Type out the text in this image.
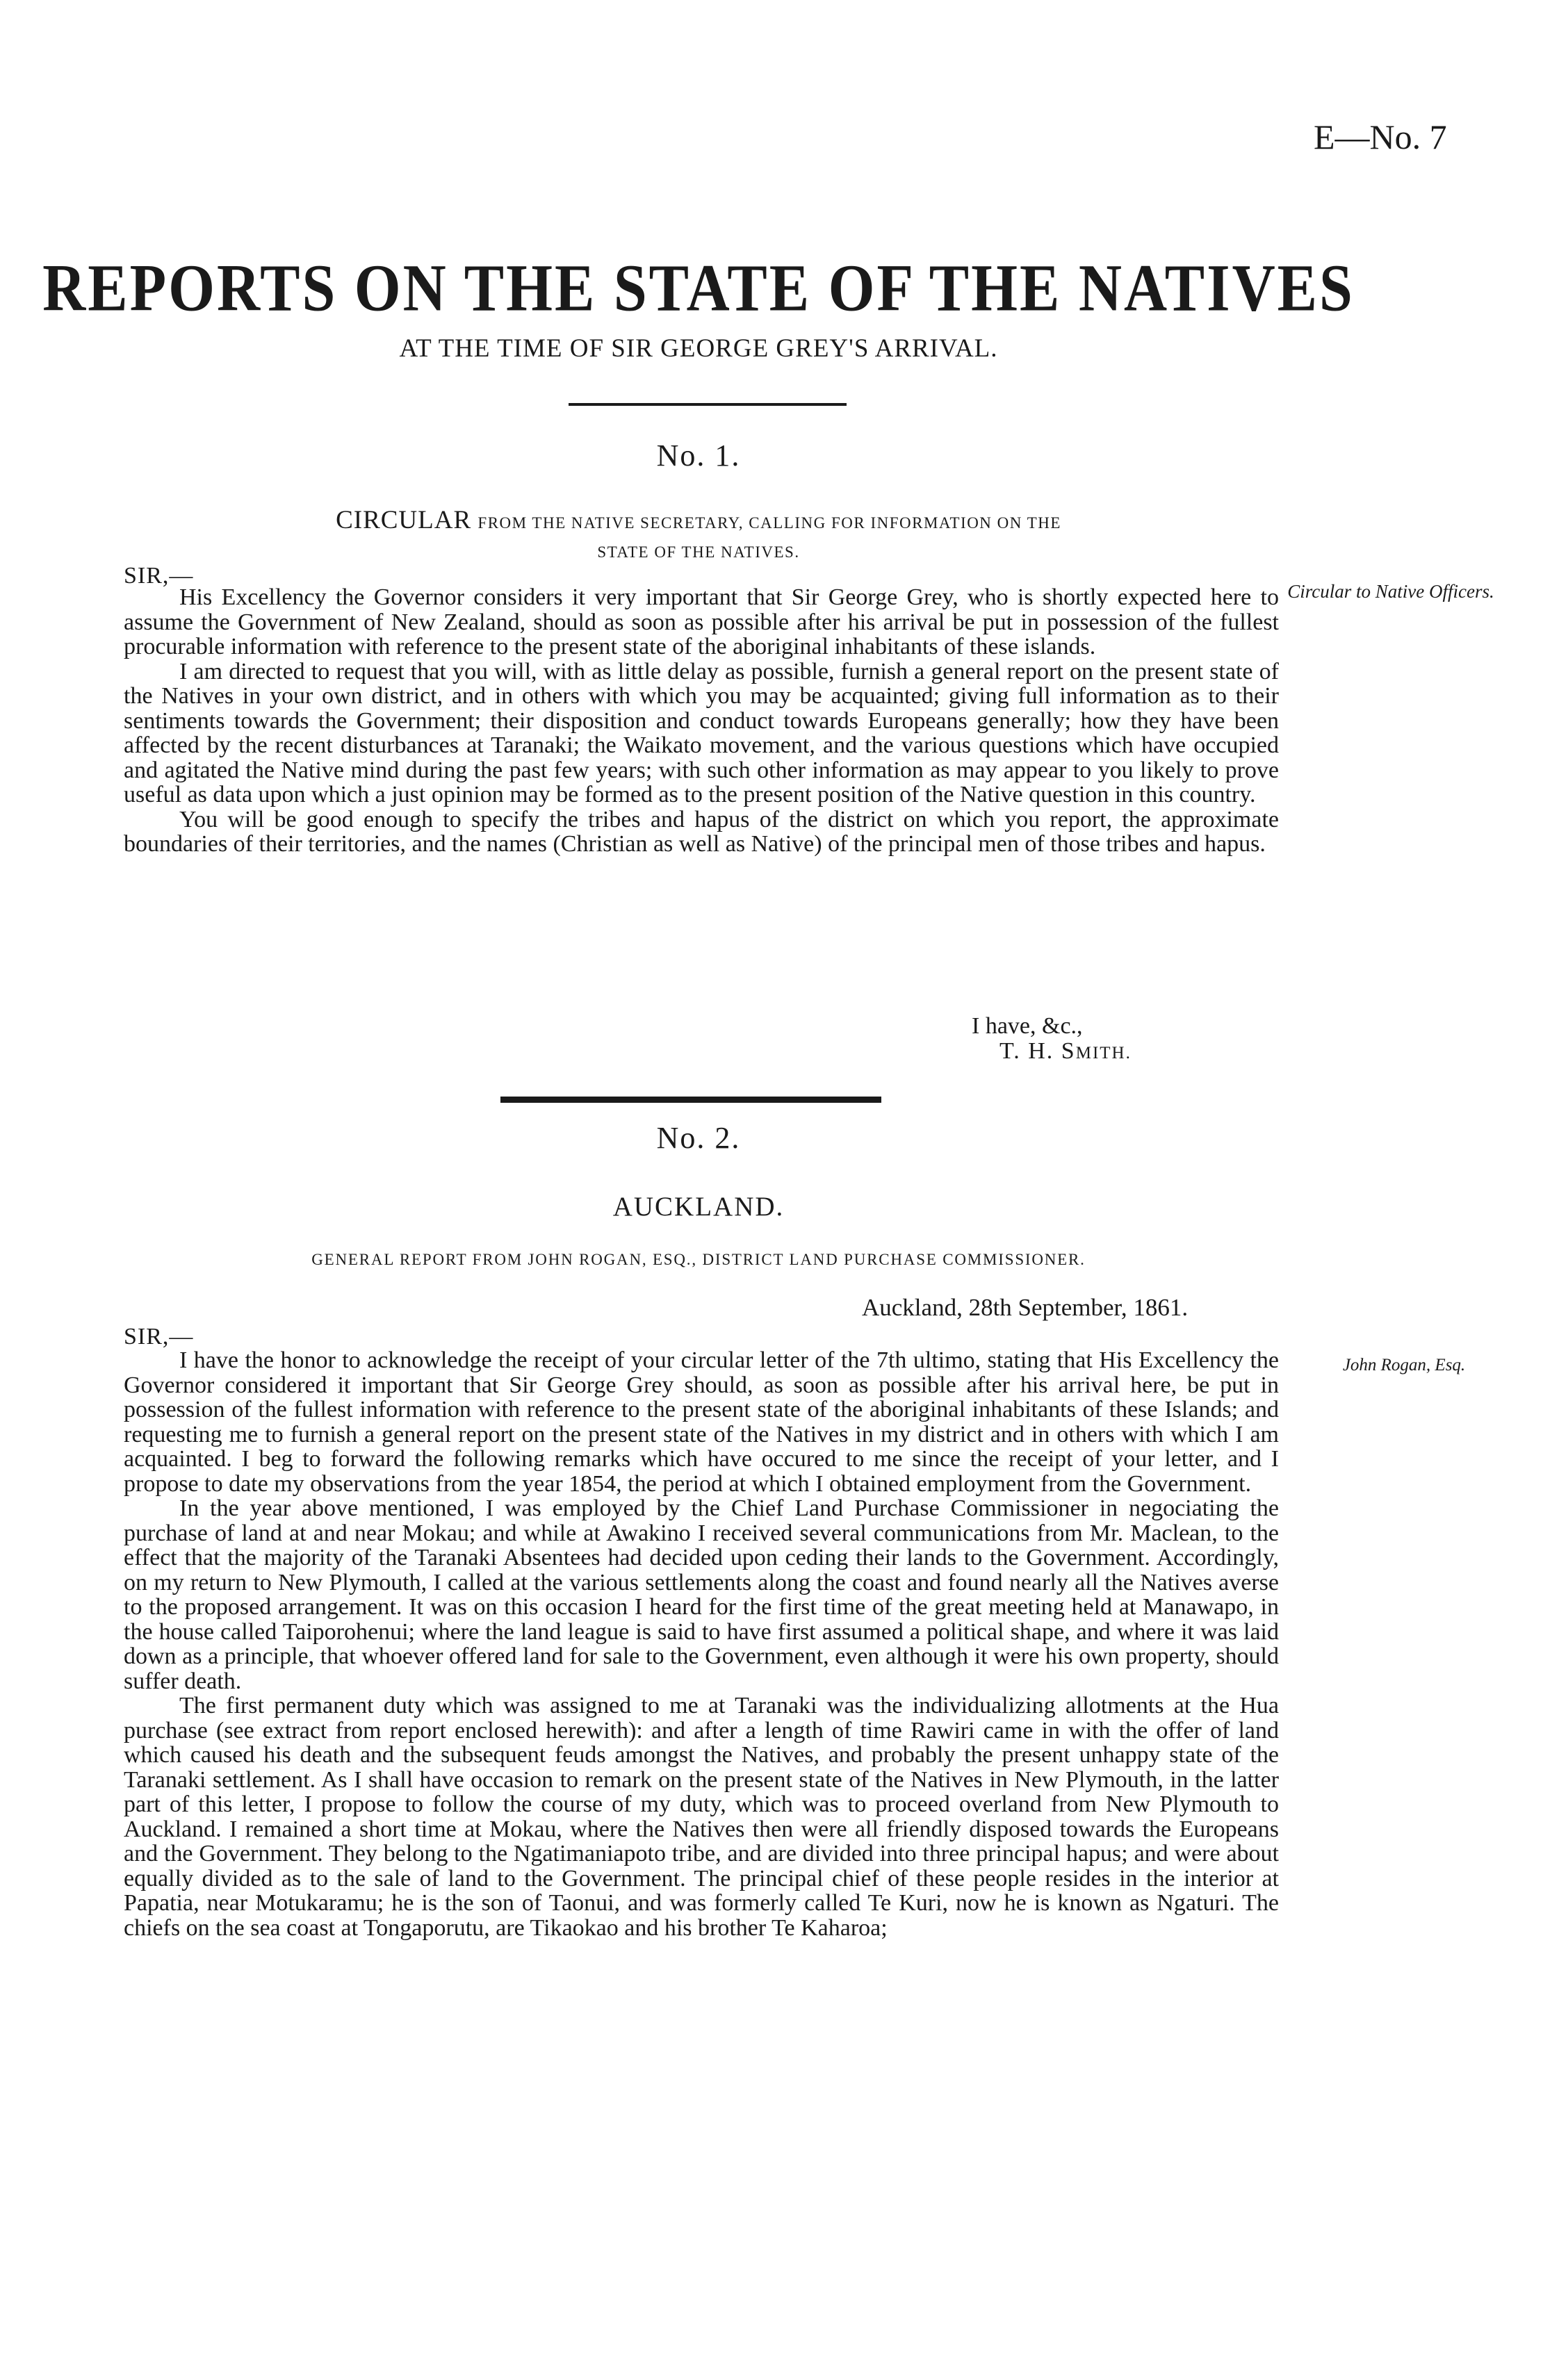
E—No. 7
REPORTS ON THE STATE OF THE NATIVES
AT THE TIME OF SIR GEORGE GREY'S ARRIVAL.
No. 1.
CIRCULAR FROM THE NATIVE SECRETARY, CALLING FOR INFORMATION ON THE
STATE OF THE NATIVES.
SIR,—
Circular to Native Officers.

His Excellency the Governor considers it very important that Sir George Grey, who is shortly expected here to assume the Government of New Zealand, should as soon as possible after his arrival be put in possession of the fullest procurable information with reference to the present state of the aboriginal inhabitants of these islands.

I am directed to request that you will, with as little delay as possible, furnish a general report on the present state of the Natives in your own district, and in others with which you may be acquainted; giving full information as to their sentiments towards the Government; their disposition and conduct towards Europeans generally; how they have been affected by the recent disturbances at Taranaki; the Waikato movement, and the various questions which have occupied and agitated the Native mind during the past few years; with such other information as may appear to you likely to prove useful as data upon which a just opinion may be formed as to the present position of the Native question in this country.

You will be good enough to specify the tribes and hapus of the district on which you report, the approximate boundaries of their territories, and the names (Christian as well as Native) of the principal men of those tribes and hapus.

I have, &c.,
T. H. SMITH.
No. 2.
AUCKLAND.
GENERAL REPORT FROM JOHN ROGAN, ESQ., DISTRICT LAND PURCHASE COMMISSIONER.
Auckland, 28th September, 1861.
SIR,—
John Rogan, Esq.

I have the honor to acknowledge the receipt of your circular letter of the 7th ultimo, stating that His Excellency the Governor considered it important that Sir George Grey should, as soon as possible after his arrival here, be put in possession of the fullest information with reference to the present state of the aboriginal inhabitants of these Islands; and requesting me to furnish a general report on the present state of the Natives in my district and in others with which I am acquainted. I beg to forward the following remarks which have occured to me since the receipt of your letter, and I propose to date my observations from the year 1854, the period at which I obtained employment from the Government.

In the year above mentioned, I was employed by the Chief Land Purchase Commissioner in negociating the purchase of land at and near Mokau; and while at Awakino I received several communications from Mr. Maclean, to the effect that the majority of the Taranaki Absentees had decided upon ceding their lands to the Government. Accordingly, on my return to New Plymouth, I called at the various settlements along the coast and found nearly all the Natives averse to the proposed arrangement. It was on this occasion I heard for the first time of the great meeting held at Manawapo, in the house called Taiporohenui; where the land league is said to have first assumed a political shape, and where it was laid down as a principle, that whoever offered land for sale to the Government, even although it were his own property, should suffer death.

The first permanent duty which was assigned to me at Taranaki was the individualizing allotments at the Hua purchase (see extract from report enclosed herewith): and after a length of time Rawiri came in with the offer of land which caused his death and the subsequent feuds amongst the Natives, and probably the present unhappy state of the Taranaki settlement. As I shall have occasion to remark on the present state of the Natives in New Plymouth, in the latter part of this letter, I propose to follow the course of my duty, which was to proceed overland from New Plymouth to Auckland. I remained a short time at Mokau, where the Natives then were all friendly disposed towards the Europeans and the Government. They belong to the Ngatimaniapoto tribe, and are divided into three principal hapus; and were about equally divided as to the sale of land to the Government. The principal chief of these people resides in the interior at Papatia, near Motukaramu; he is the son of Taonui, and was formerly called Te Kuri, now he is known as Ngaturi. The chiefs on the sea coast at Tongaporutu, are Tikaokao and his brother Te Kaharoa;
